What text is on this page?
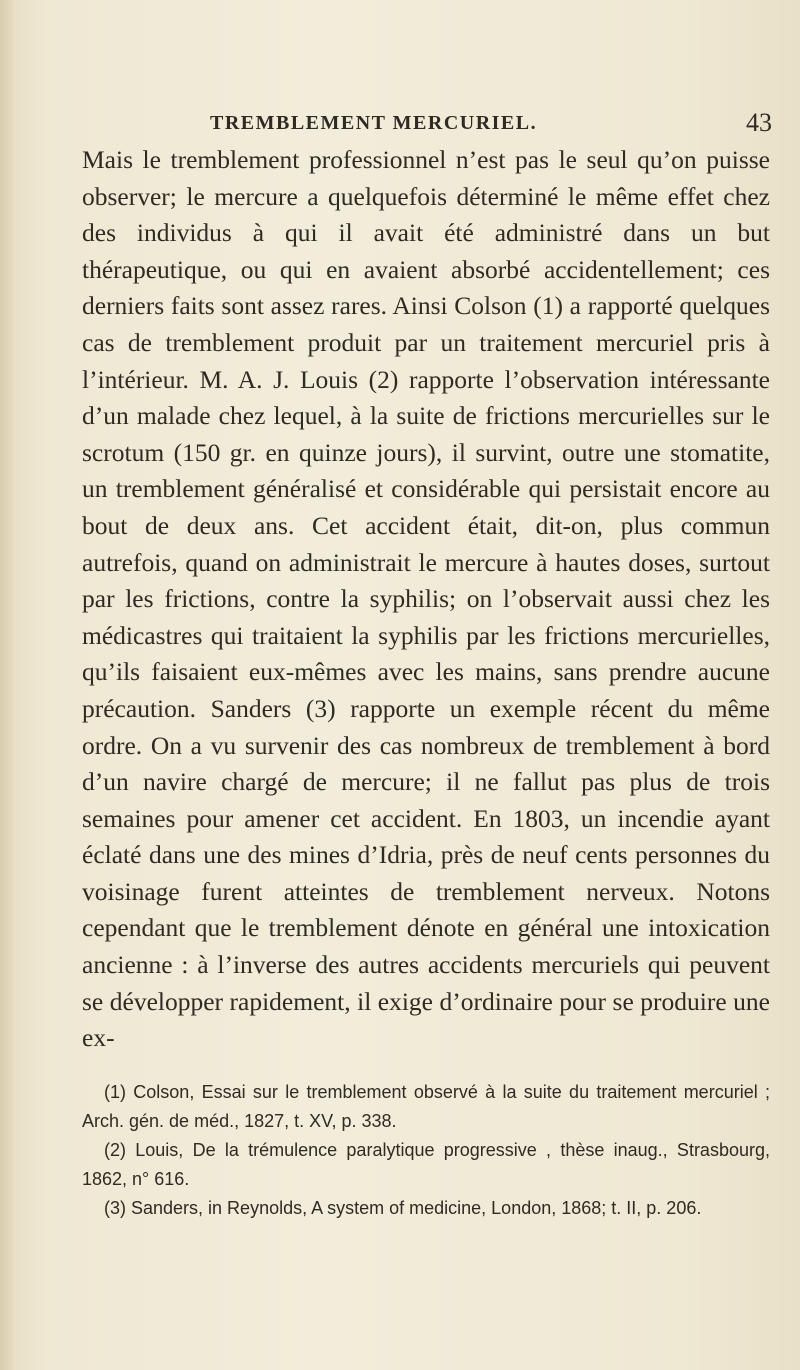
TREMBLEMENT MERCURIEL.	43

Mais le tremblement professionnel n’est pas le seul qu’on puisse observer; le mercure a quelquefois déterminé le même effet chez des individus à qui il avait été administré dans un but thérapeutique, ou qui en avaient absorbé accidentellement; ces derniers faits sont assez rares. Ainsi Colson (1) a rapporté quelques cas de tremblement produit par un traitement mercuriel pris à l’intérieur. M. A. J. Louis (2) rapporte l’observation intéressante d’un malade chez lequel, à la suite de frictions mercurielles sur le scrotum (150 gr. en quinze jours), il survint, outre une stomatite, un tremblement généralisé et considérable qui persistait encore au bout de deux ans. Cet accident était, dit-on, plus commun autrefois, quand on administrait le mercure à hautes doses, surtout par les frictions, contre la syphilis; on l’observait aussi chez les médicastres qui traitaient la syphilis par les frictions mercurielles, qu’ils faisaient eux-mêmes avec les mains, sans prendre aucune précaution. Sanders (3) rapporte un exemple récent du même ordre. On a vu survenir des cas nombreux de tremblement à bord d’un navire chargé de mercure; il ne fallut pas plus de trois semaines pour amener cet accident. En 1803, un incendie ayant éclaté dans une des mines d’Idria, près de neuf cents personnes du voisinage furent atteintes de tremblement nerveux. Notons cependant que le tremblement dénote en général une intoxication ancienne : à l’inverse des autres accidents mercuriels qui peuvent se développer rapidement, il exige d’ordinaire pour se produire une ex-

(1) Colson, Essai sur le tremblement observé à la suite du traitement mercuriel ; Arch. gén. de méd., 1827, t. XV, p. 338.

(2) Louis, De la trémulence paralytique progressive , thèse inaug., Strasbourg, 1862, n° 616.

(3) Sanders, in Reynolds, A system of medicine, London, 1868; t. II, p. 206.
